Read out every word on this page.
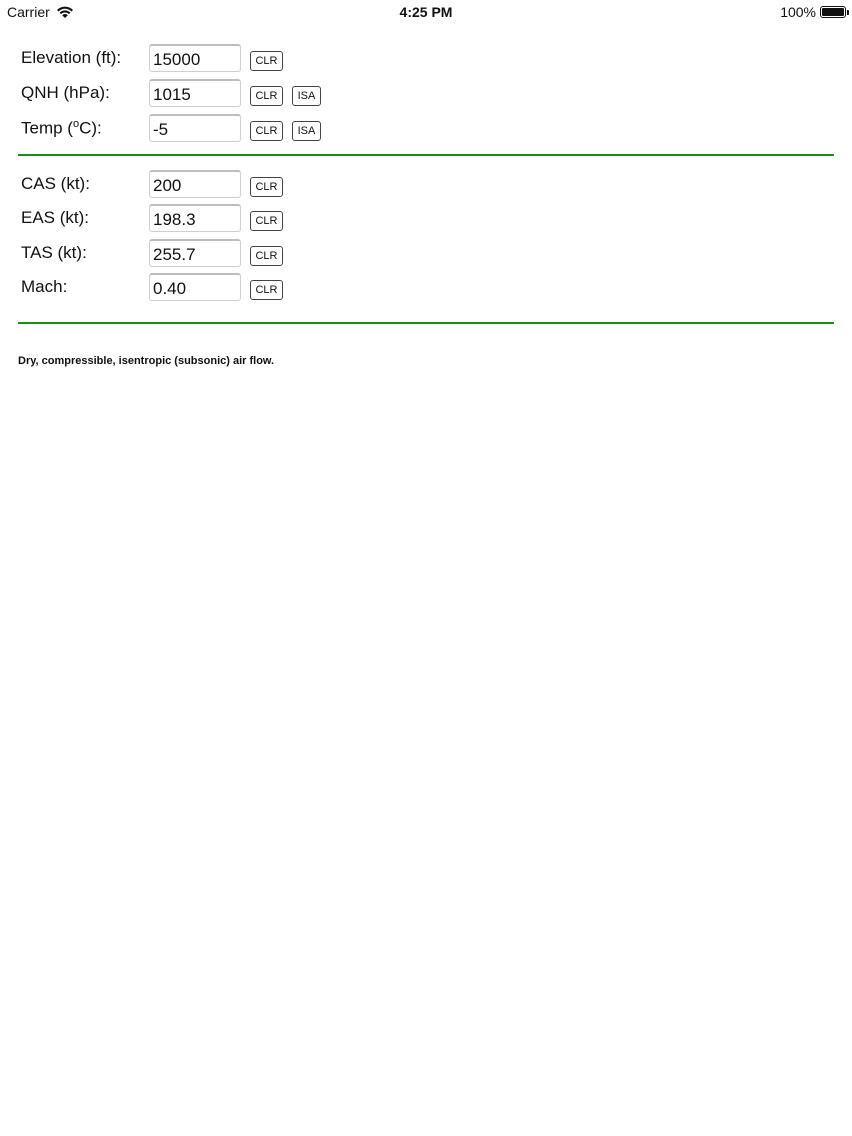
Carrier	4:25 PM	100%
Elevation (ft):
15000	CLR
QNH (hPa):
1015	CLR	ISA
Temp ($^o$C):
-5	CLR	ISA
CAS (kt):
200	CLR
EAS (kt):
198.3	CLR
TAS (kt):
255.7	CLR
Mach:
0.40	CLR
Dry, compressible, isentropic (subsonic) air flow.
